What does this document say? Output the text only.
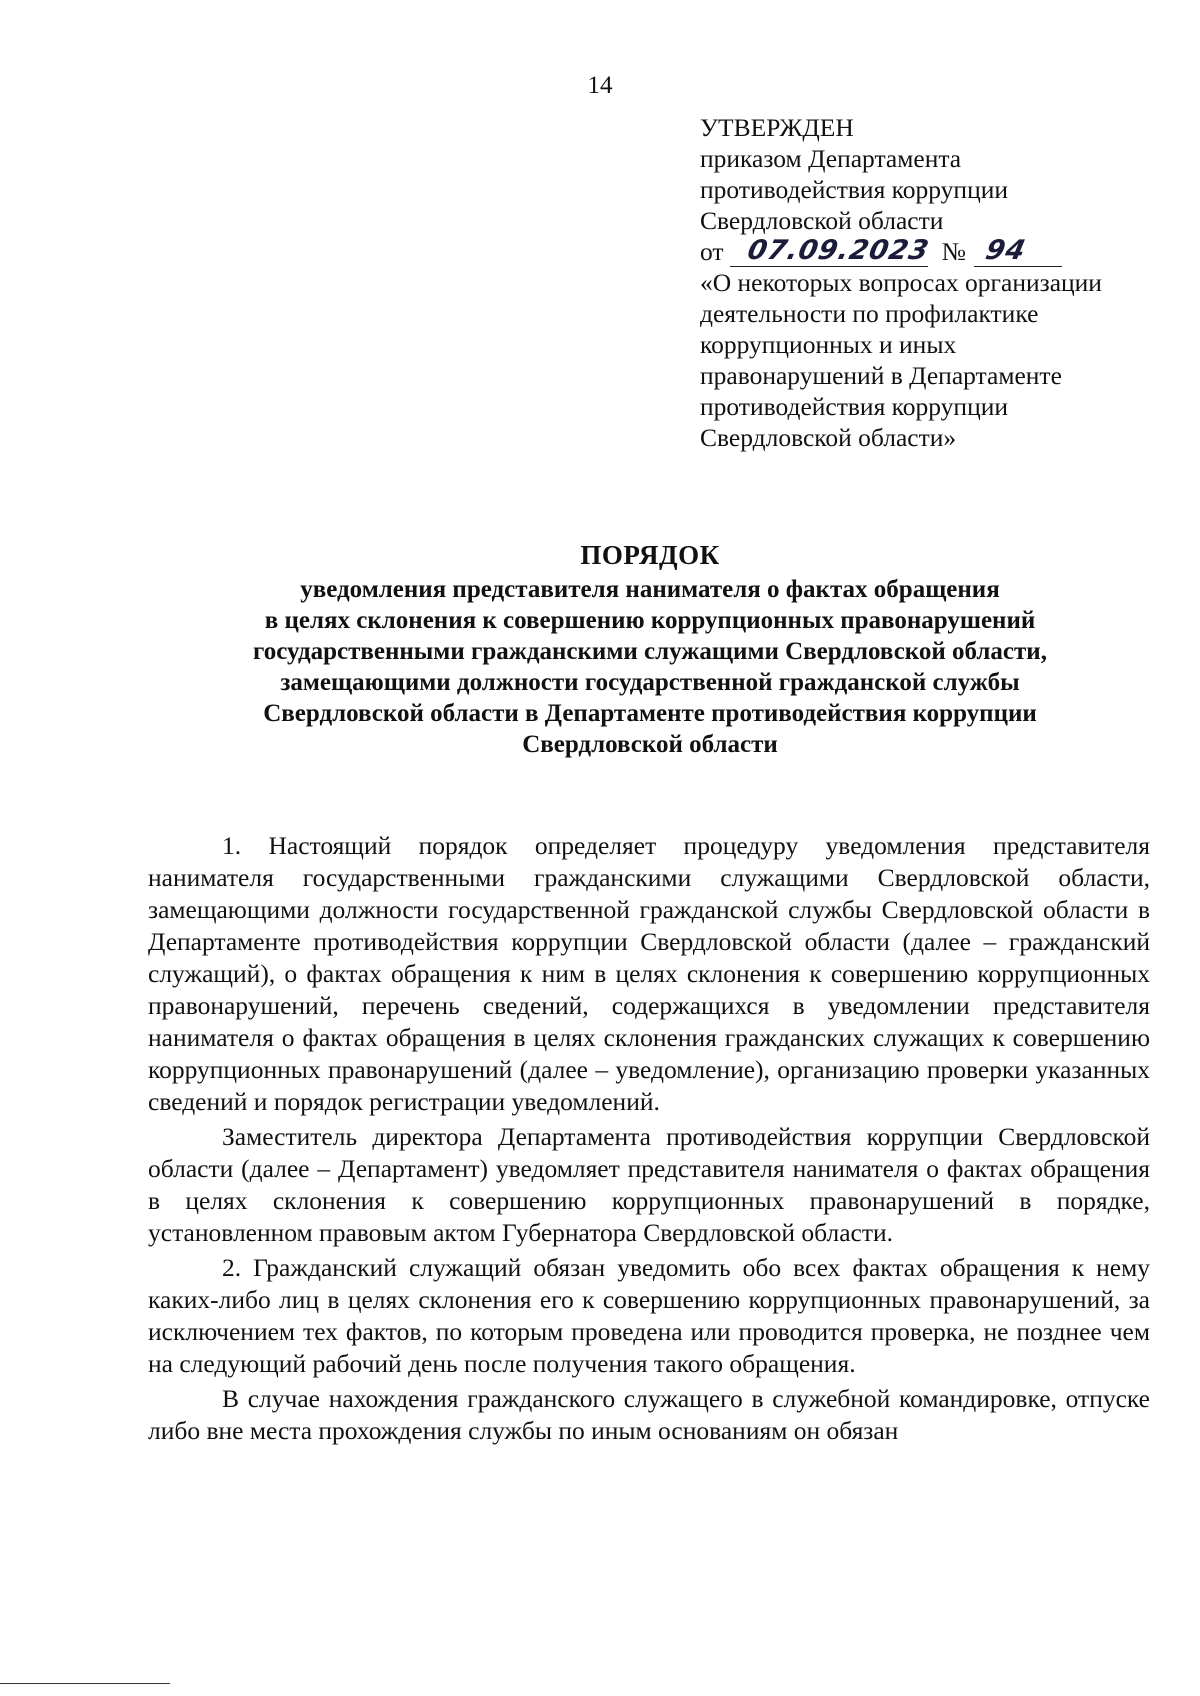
14
УТВЕРЖДЕН
приказом Департамента
противодействия коррупции
Свердловской области
от 07.09.2023 № 94
«О некоторых вопросах организации
деятельности по профилактике
коррупционных и иных
правонарушений в Департаменте
противодействия коррупции
Свердловской области»
ПОРЯДОК
уведомления представителя нанимателя о фактах обращения
в целях склонения к совершению коррупционных правонарушений
государственными гражданскими служащими Свердловской области,
замещающими должности государственной гражданской службы
Свердловской области в Департаменте противодействия коррупции
Свердловской области

1. Настоящий порядок определяет процедуру уведомления представителя нанимателя государственными гражданскими служащими Свердловской области, замещающими должности государственной гражданской службы Свердловской области в Департаменте противодействия коррупции Свердловской области (далее – гражданский служащий), о фактах обращения к ним в целях склонения к совершению коррупционных правонарушений, перечень сведений, содержащихся в уведомлении представителя нанимателя о фактах обращения в целях склонения гражданских служащих к совершению коррупционных правонарушений (далее – уведомление), организацию проверки указанных сведений и порядок регистрации уведомлений.

Заместитель директора Департамента противодействия коррупции Свердловской области (далее – Департамент) уведомляет представителя нанимателя о фактах обращения в целях склонения к совершению коррупционных правонарушений в порядке, установленном правовым актом Губернатора Свердловской области.

2. Гражданский служащий обязан уведомить обо всех фактах обращения к нему каких-либо лиц в целях склонения его к совершению коррупционных правонарушений, за исключением тех фактов, по которым проведена или проводится проверка, не позднее чем на следующий рабочий день после получения такого обращения.

В случае нахождения гражданского служащего в служебной командировке, отпуске либо вне места прохождения службы по иным основаниям он обязан
